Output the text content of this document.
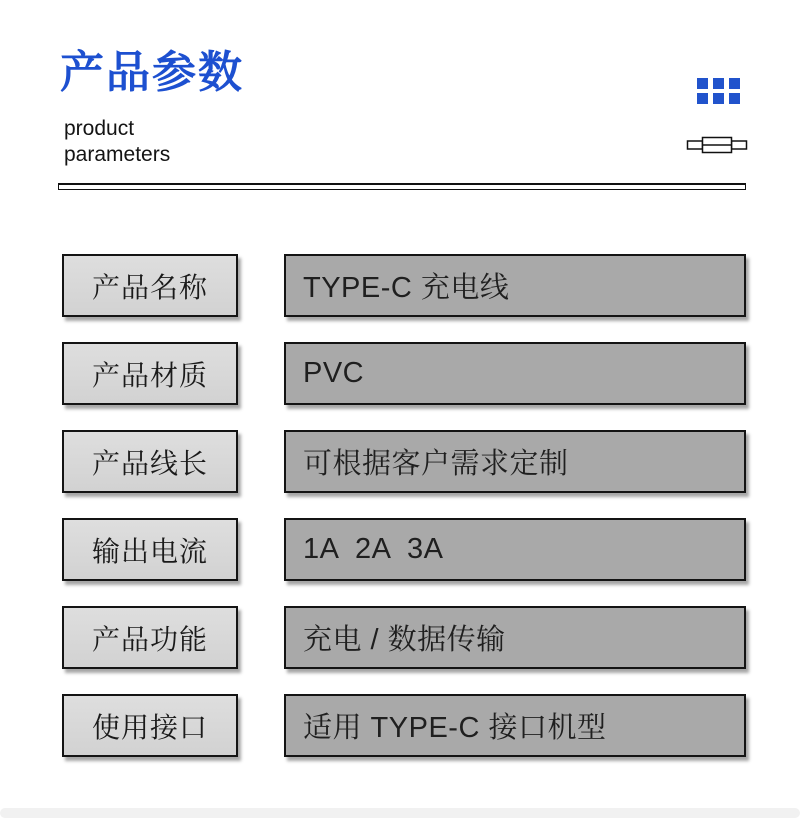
产品参数
product
parameters
产品名称	TYPE-C 充电线
产品材质	PVC
产品线长	可根据客户需求定制
输出电流	1A  2A  3A
产品功能	充电 / 数据传输
使用接口	适用 TYPE-C 接口机型
